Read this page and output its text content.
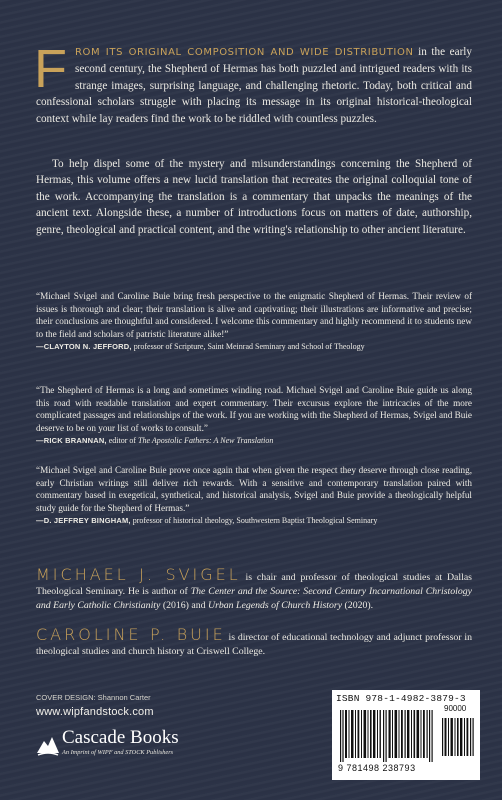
FROM ITS ORIGINAL COMPOSITION AND WIDE DISTRIBUTION in the early second century, the Shepherd of Hermas has both puzzled and intrigued readers with its strange images, surprising language, and challenging rhetoric. Today, both critical and confessional scholars struggle with placing its message in its original historical-theological context while lay readers find the work to be riddled with countless puzzles.
To help dispel some of the mystery and misunderstandings concerning the Shepherd of Hermas, this volume offers a new lucid translation that recreates the original colloquial tone of the work. Accompanying the translation is a commentary that unpacks the meanings of the ancient text. Alongside these, a number of introductions focus on matters of date, authorship, genre, theological and practical content, and the writing's relationship to other ancient literature.
“Michael Svigel and Caroline Buie bring fresh perspective to the enigmatic Shepherd of Hermas. Their review of issues is thorough and clear; their translation is alive and captivating; their illustrations are informative and precise; their conclusions are thoughtful and considered. I welcome this commentary and highly recommend it to students new to the field and scholars of patristic literature alike!”
—CLAYTON N. JEFFORD, professor of Scripture, Saint Meinrad Seminary and School of Theology
“The Shepherd of Hermas is a long and sometimes winding road. Michael Svigel and Caroline Buie guide us along this road with readable translation and expert commentary. Their excursus explore the intricacies of the more complicated passages and relationships of the work. If you are working with the Shepherd of Hermas, Svigel and Buie deserve to be on your list of works to consult.”
—RICK BRANNAN, editor of The Apostolic Fathers: A New Translation
“Michael Svigel and Caroline Buie prove once again that when given the respect they deserve through close reading, early Christian writings still deliver rich rewards. With a sensitive and contemporary translation paired with commentary based in exegetical, synthetical, and historical analysis, Svigel and Buie provide a theologically helpful study guide for the Shepherd of Hermas.”
—D. JEFFREY BINGHAM, professor of historical theology, Southwestern Baptist Theological Seminary
MICHAEL J. SVIGEL is chair and professor of theological studies at Dallas Theological Seminary. He is author of The Center and the Source: Second Century Incarnational Christology and Early Catholic Christianity (2016) and Urban Legends of Church History (2020).
CAROLINE P. BUIE is director of educational technology and adjunct professor in theological studies and church history at Criswell College.
COVER DESIGN: Shannon Carter
www.wipfandstock.com
Cascade Books
An Imprint of WIPF and STOCK Publishers
ISBN 978-1-4982-3879-3
90000
9 781498 238793
